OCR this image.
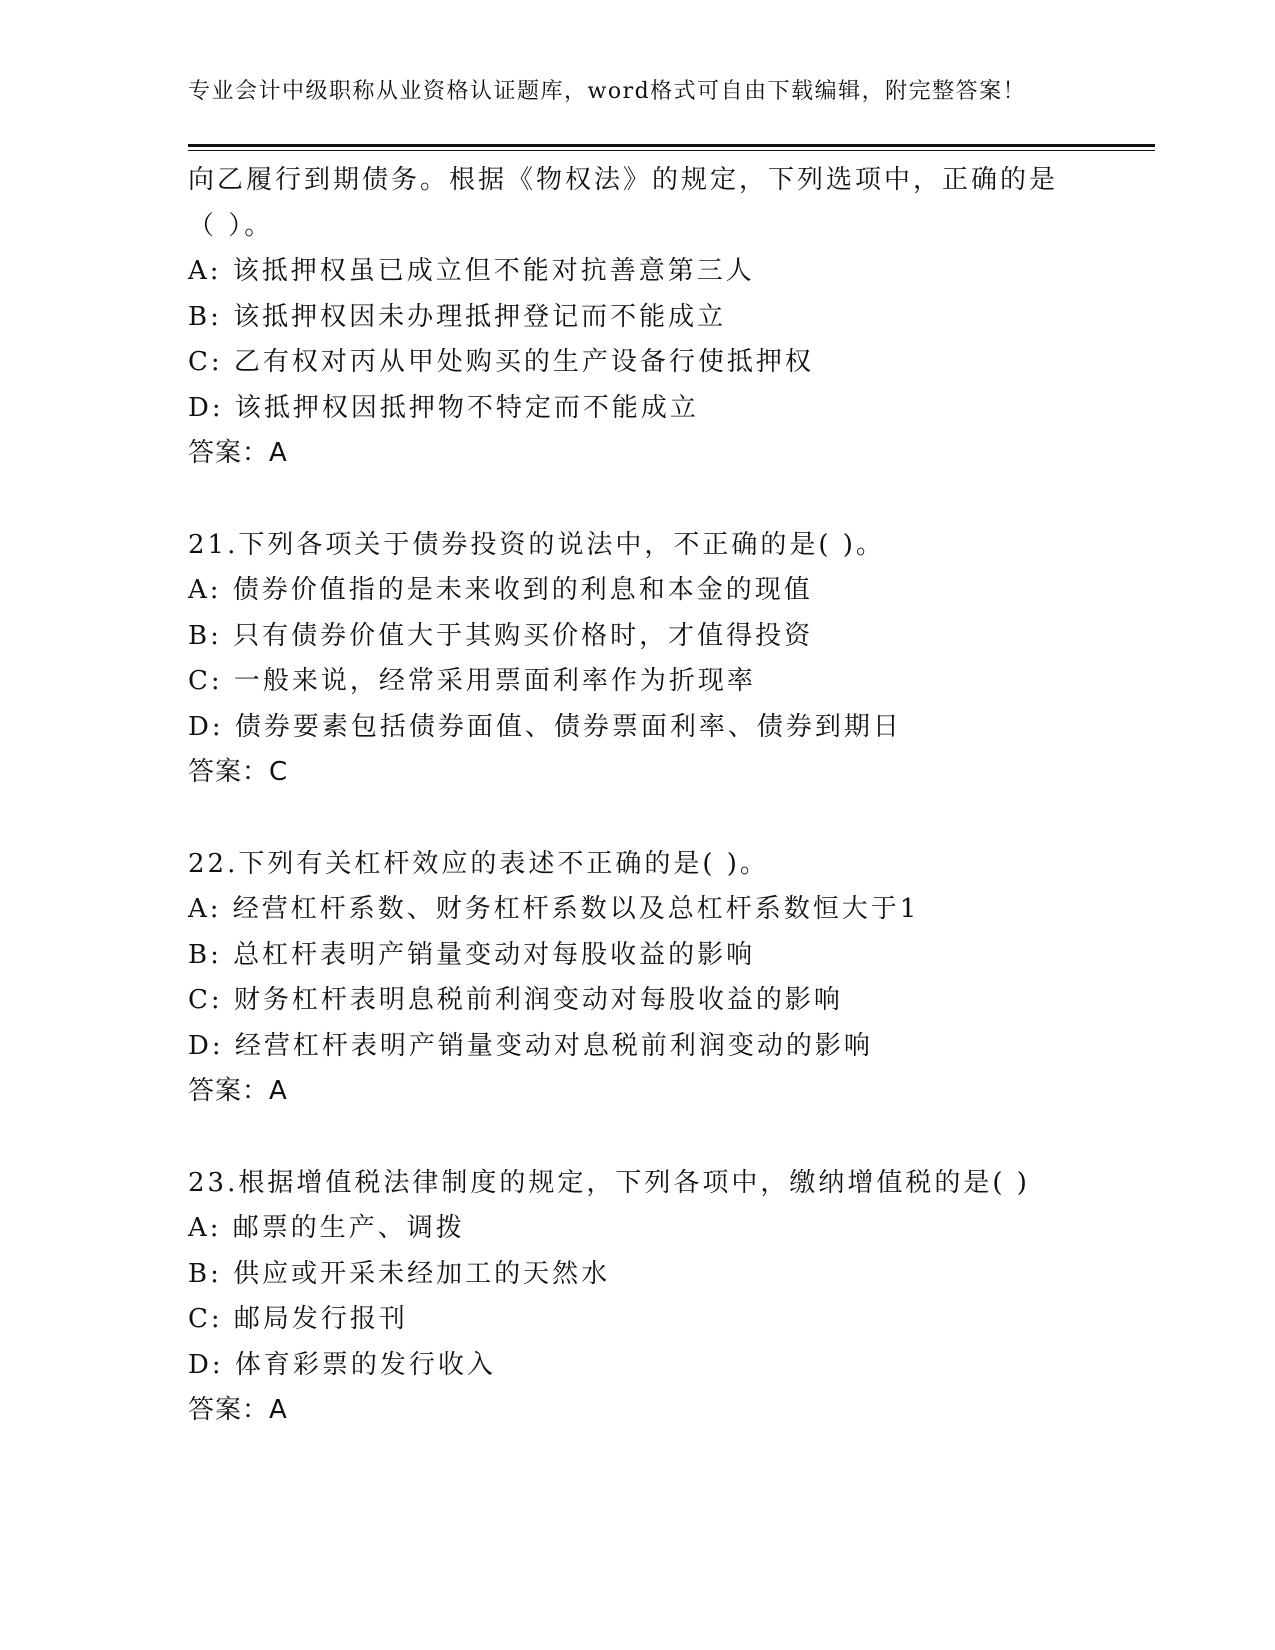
专业会计中级职称从业资格认证题库，word格式可自由下载编辑，附完整答案！
向乙履行到期债务。根据《物权法》的规定，下列选项中，正确的是
（ ）。
A: 该抵押权虽已成立但不能对抗善意第三人
B: 该抵押权因未办理抵押登记而不能成立
C: 乙有权对丙从甲处购买的生产设备行使抵押权
D: 该抵押权因抵押物不特定而不能成立
答案：A
21.下列各项关于债券投资的说法中，不正确的是( )。
A: 债券价值指的是未来收到的利息和本金的现值
B: 只有债券价值大于其购买价格时，才值得投资
C: 一般来说，经常采用票面利率作为折现率
D: 债券要素包括债券面值、债券票面利率、债券到期日
答案：C
22.下列有关杠杆效应的表述不正确的是( )。
A: 经营杠杆系数、财务杠杆系数以及总杠杆系数恒大于1
B: 总杠杆表明产销量变动对每股收益的影响
C: 财务杠杆表明息税前利润变动对每股收益的影响
D: 经营杠杆表明产销量变动对息税前利润变动的影响
答案：A
23.根据增值税法律制度的规定，下列各项中，缴纳增值税的是( )
A: 邮票的生产、调拨
B: 供应或开采未经加工的天然水
C: 邮局发行报刊
D: 体育彩票的发行收入
答案：A
